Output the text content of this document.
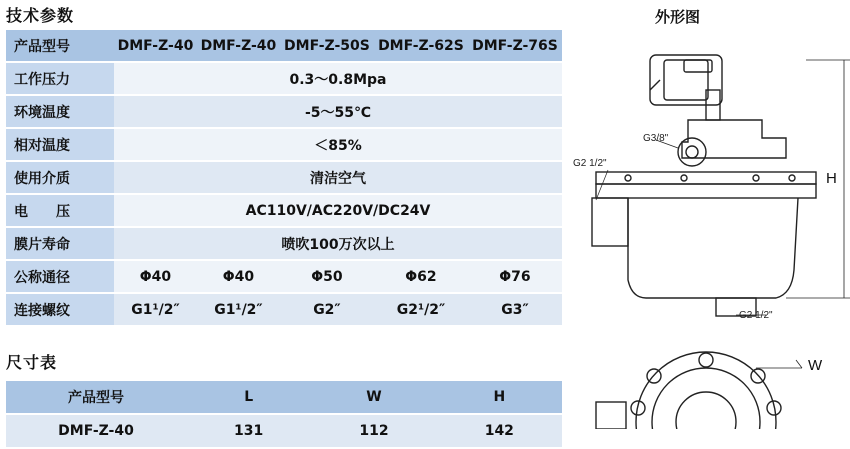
技术参数
产品型号	DMF-Z-40	DMF-Z-40	DMF-Z-50S	DMF-Z-62S	DMF-Z-76S
工作压力	0.3～0.8Mpa				
环境温度	-5～55℃				
相对温度	＜85%				
使用介质	清洁空气				
电　　压	AC110V/AC220V/DC24V				
膜片寿命	喷吹100万次以上				
公称通径	Φ40	Φ40	Φ50	Φ62	Φ76
连接螺纹	G1¹/2″	G1¹/2″	G2″	G2¹/2″	G3″
尺寸表
产品型号	L	W	H
DMF-Z-40	131	112	142
外形图
G3/8"
G2 1/2"
G2 1/2"
H
W
